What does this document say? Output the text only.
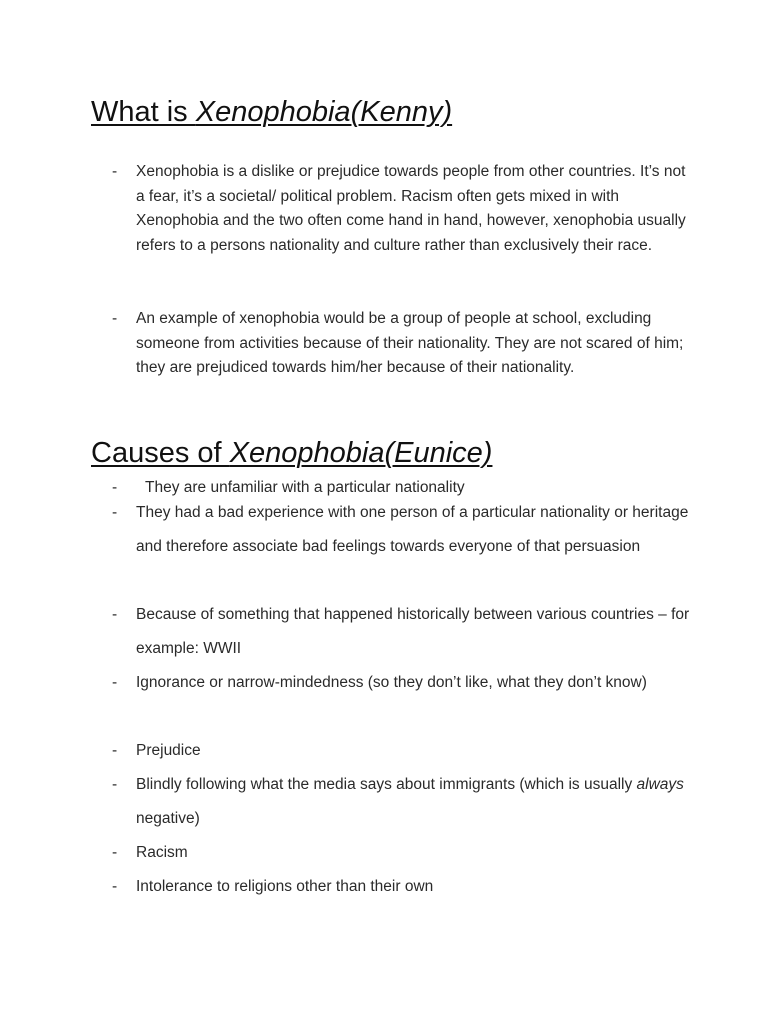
What is Xenophobia(Kenny)
- Xenophobia is a dislike or prejudice towards people from other countries. It’s not a fear, it’s a societal/ political problem. Racism often gets mixed in with Xenophobia and the two often come hand in hand, however, xenophobia usually refers to a persons nationality and culture rather than exclusively their race.
- An example of xenophobia would be a group of people at school, excluding someone from activities because of their nationality. They are not scared of him; they are prejudiced towards him/her because of their nationality.
Causes of Xenophobia(Eunice)
- They are unfamiliar with a particular nationality
- They had a bad experience with one person of a particular nationality or heritage and therefore associate bad feelings towards everyone of that persuasion
- Because of something that happened historically between various countries – for example: WWII
- Ignorance or narrow-mindedness (so they don’t like, what they don’t know)
- Prejudice
- Blindly following what the media says about immigrants (which is usually always negative)
- Racism
- Intolerance to religions other than their own
